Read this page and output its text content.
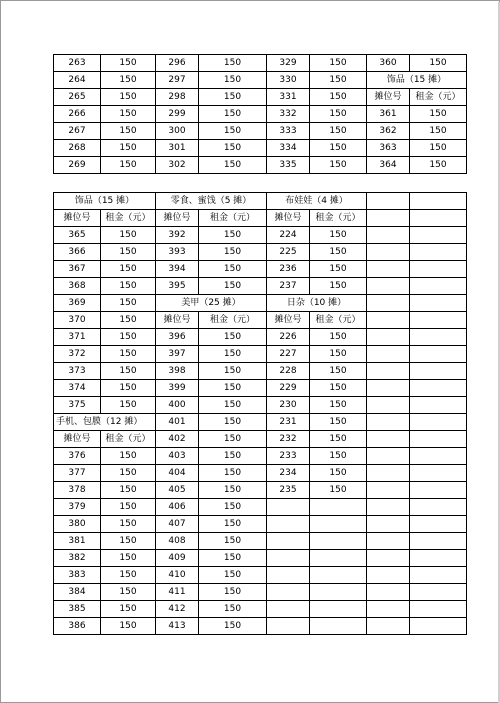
263	150	296	150	329	150	360	150
264	150	297	150	330	150	饰品（15 摊）	
265	150	298	150	331	150	摊位号	租金（元）
266	150	299	150	332	150	361	150
267	150	300	150	333	150	362	150
268	150	301	150	334	150	363	150
269	150	302	150	335	150	364	150
饰品（15 摊）		零食、蜜饯（5 摊）		布娃娃（4 摊）			
摊位号	租金（元）	摊位号	租金（元）	摊位号	租金（元）		
365	150	392	150	224	150		
366	150	393	150	225	150		
367	150	394	150	236	150		
368	150	395	150	237	150		
369	150	美甲（25 摊）		日杂（10 摊）			
370	150	摊位号	租金（元）	摊位号	租金（元）		
371	150	396	150	226	150		
372	150	397	150	227	150		
373	150	398	150	228	150		
374	150	399	150	229	150		
375	150	400	150	230	150		
手机、包膜（12 摊）		401	150	231	150		
摊位号	租金（元）	402	150	232	150		
376	150	403	150	233	150		
377	150	404	150	234	150		
378	150	405	150	235	150		
379	150	406	150				
380	150	407	150				
381	150	408	150				
382	150	409	150				
383	150	410	150				
384	150	411	150				
385	150	412	150				
386	150	413	150				
